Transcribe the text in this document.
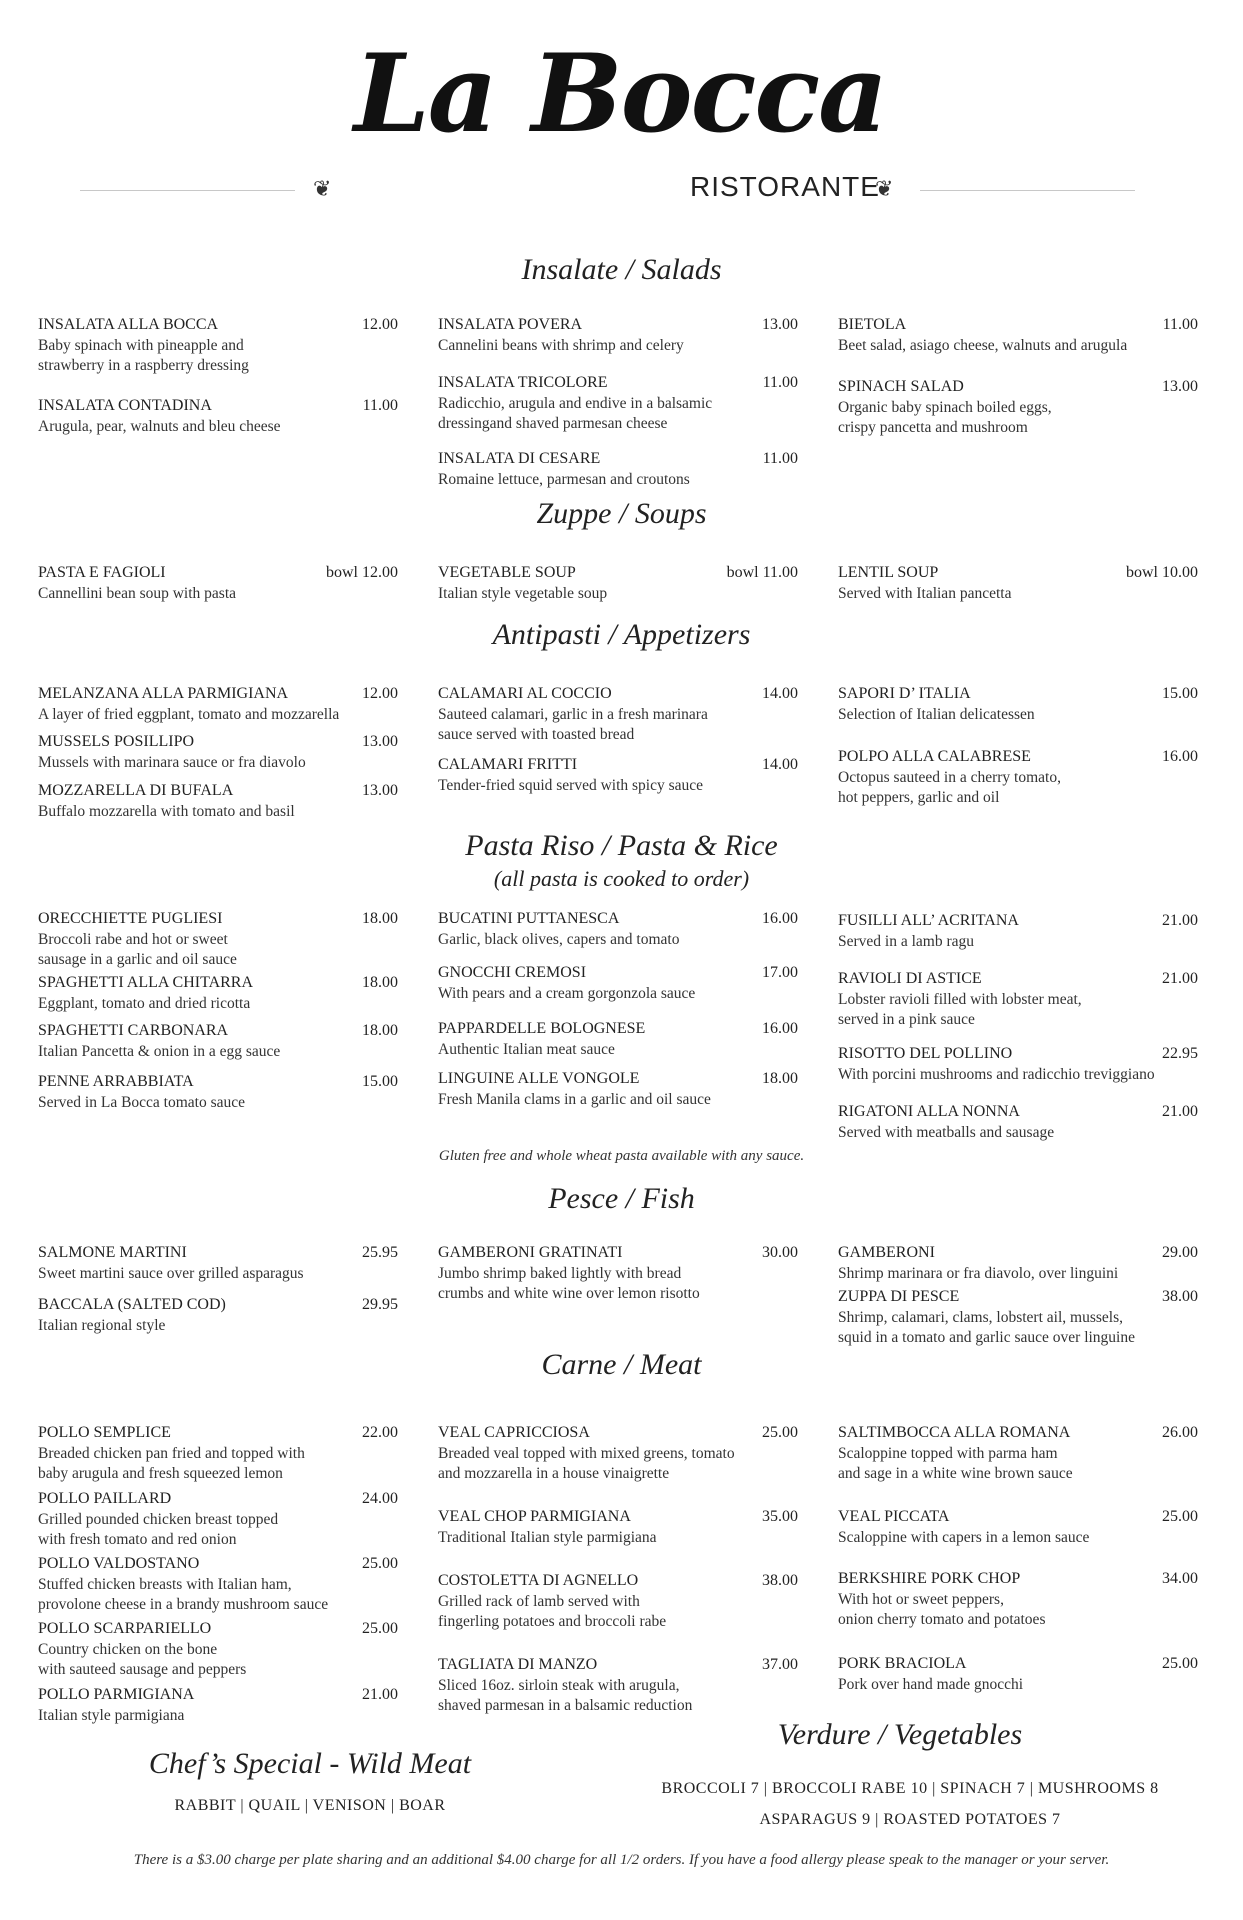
La Bocca
RISTORANTE
❦	❦
Insalate / Salads
Zuppe / Soups
Antipasti / Appetizers
Pasta Riso / Pasta & Rice
(all pasta is cooked to order)
Pesce / Fish
Carne / Meat
Gluten free and whole wheat pasta available with any sauce.
INSALATA ALLA BOCCA	12.00
Baby spinach with pineapple and
strawberry in a raspberry dressing
INSALATA CONTADINA	11.00
Arugula, pear, walnuts and bleu cheese
INSALATA POVERA	13.00
Cannelini beans with shrimp and celery
INSALATA TRICOLORE	11.00
Radicchio, arugula and endive in a balsamic
dressingand shaved parmesan cheese
INSALATA DI CESARE	11.00
Romaine lettuce, parmesan and croutons
BIETOLA	11.00
Beet salad, asiago cheese, walnuts and arugula
SPINACH SALAD	13.00
Organic baby spinach boiled eggs,
crispy pancetta and mushroom
PASTA E FAGIOLI	bowl 12.00
Cannellini bean soup with pasta
VEGETABLE SOUP	bowl 11.00
Italian style vegetable soup
LENTIL SOUP	bowl 10.00
Served with Italian pancetta
MELANZANA ALLA PARMIGIANA	12.00
A layer of fried eggplant, tomato and mozzarella
MUSSELS POSILLIPO	13.00
Mussels with marinara sauce or fra diavolo
MOZZARELLA DI BUFALA	13.00
Buffalo mozzarella with tomato and basil
CALAMARI AL COCCIO	14.00
Sauteed calamari, garlic in a fresh marinara
sauce served with toasted bread
CALAMARI FRITTI	14.00
Tender-fried squid served with spicy sauce
SAPORI D’ ITALIA	15.00
Selection of Italian delicatessen
POLPO ALLA CALABRESE	16.00
Octopus sauteed in a cherry tomato,
hot peppers, garlic and oil
ORECCHIETTE PUGLIESI	18.00
Broccoli rabe and hot or sweet
sausage in a garlic and oil sauce
SPAGHETTI ALLA CHITARRA	18.00
Eggplant, tomato and dried ricotta
SPAGHETTI CARBONARA	18.00
Italian Pancetta & onion in a egg sauce
PENNE ARRABBIATA	15.00
Served in La Bocca tomato sauce
BUCATINI PUTTANESCA	16.00
Garlic, black olives, capers and tomato
GNOCCHI CREMOSI	17.00
With pears and a cream gorgonzola sauce
PAPPARDELLE BOLOGNESE	16.00
Authentic Italian meat sauce
LINGUINE ALLE VONGOLE	18.00
Fresh Manila clams in a garlic and oil sauce
FUSILLI ALL’ ACRITANA	21.00
Served in a lamb ragu
RAVIOLI DI ASTICE	21.00
Lobster ravioli filled with lobster meat,
served in a pink sauce
RISOTTO DEL POLLINO	22.95
With porcini mushrooms and radicchio treviggiano
RIGATONI ALLA NONNA	21.00
Served with meatballs and sausage
SALMONE MARTINI	25.95
Sweet martini sauce over grilled asparagus
BACCALA (SALTED COD)	29.95
Italian regional style
GAMBERONI GRATINATI	30.00
Jumbo shrimp baked lightly with bread
crumbs and white wine over lemon risotto
GAMBERONI	29.00
Shrimp marinara or fra diavolo, over linguini
ZUPPA DI PESCE	38.00
Shrimp, calamari, clams, lobstert ail, mussels,
squid in a tomato and garlic sauce over linguine
POLLO SEMPLICE	22.00
Breaded chicken pan fried and topped with
baby arugula and fresh squeezed lemon
POLLO PAILLARD	24.00
Grilled pounded chicken breast topped
with fresh tomato and red onion
POLLO VALDOSTANO	25.00
Stuffed chicken breasts with Italian ham,
provolone cheese in a brandy mushroom sauce
POLLO SCARPARIELLO	25.00
Country chicken on the bone
with sauteed sausage and peppers
POLLO PARMIGIANA	21.00
Italian style parmigiana
VEAL CAPRICCIOSA	25.00
Breaded veal topped with mixed greens, tomato
and mozzarella in a house vinaigrette
VEAL CHOP PARMIGIANA	35.00
Traditional Italian style parmigiana
COSTOLETTA DI AGNELLO	38.00
Grilled rack of lamb served with
fingerling potatoes and broccoli rabe
TAGLIATA DI MANZO	37.00
Sliced 16oz. sirloin steak with arugula,
shaved parmesan in a balsamic reduction
SALTIMBOCCA ALLA ROMANA	26.00
Scaloppine topped with parma ham
and sage in a white wine brown sauce
VEAL PICCATA	25.00
Scaloppine with capers in a lemon sauce
BERKSHIRE PORK CHOP	34.00
With hot or sweet peppers,
onion cherry tomato and potatoes
PORK BRACIOLA	25.00
Pork over hand made gnocchi
Chef’s Special - Wild Meat
RABBIT | QUAIL | VENISON | BOAR
Verdure / Vegetables
BROCCOLI 7 | BROCCOLI RABE 10 | SPINACH 7 | MUSHROOMS 8
ASPARAGUS 9 | ROASTED POTATOES 7
There is a $3.00 charge per plate sharing and an additional $4.00 charge for all 1/2 orders. If you have a food allergy please speak to the manager or your server.
